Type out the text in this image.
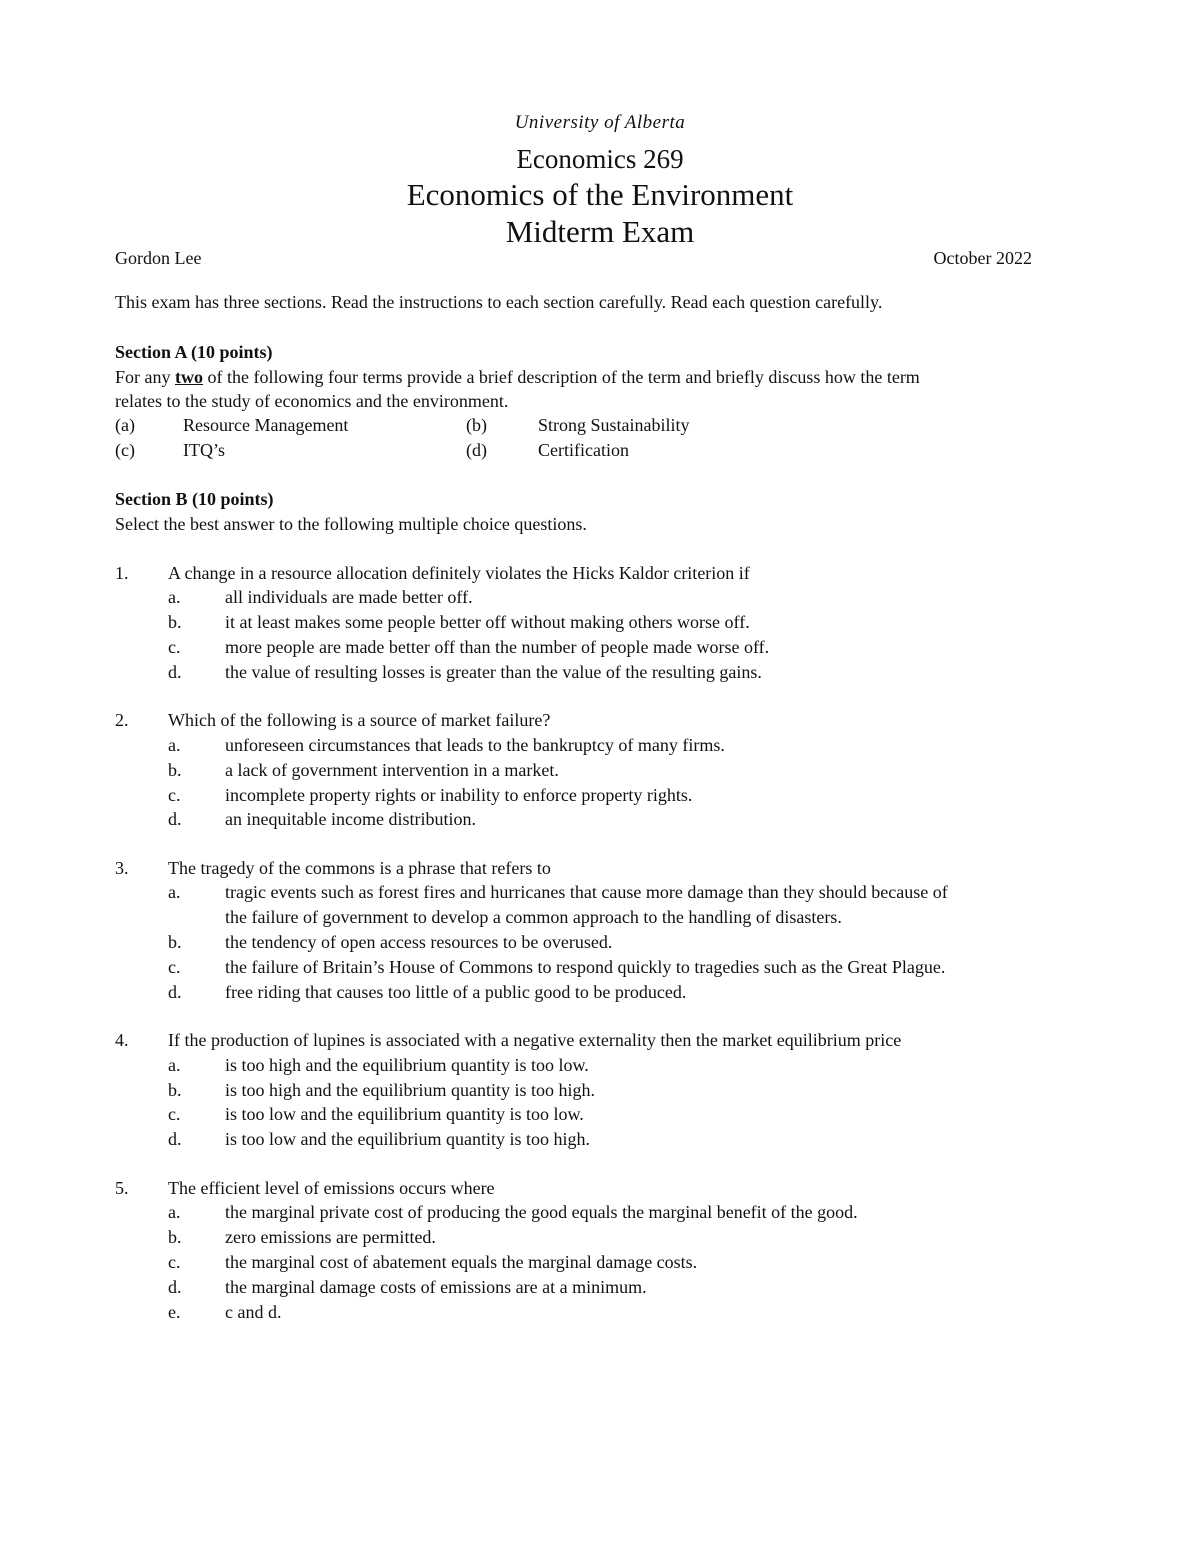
University of Alberta
Economics 269
Economics of the Environment
Midterm Exam
Gordon Lee	October 2022
This exam has three sections. Read the instructions to each section carefully. Read each question carefully.
Section A (10 points)
For any two of the following four terms provide a brief description of the term and briefly discuss how the term
relates to the study of economics and the environment.
(a)	Resource Management	(b)	Strong Sustainability
(c)	ITQ’s	(d)	Certification
Section B (10 points)
Select the best answer to the following multiple choice questions.
1. A change in a resource allocation definitely violates the Hicks Kaldor criterion if
a. all individuals are made better off.
b. it at least makes some people better off without making others worse off.
c. more people are made better off than the number of people made worse off.
d. the value of resulting losses is greater than the value of the resulting gains.
2. Which of the following is a source of market failure?
a. unforeseen circumstances that leads to the bankruptcy of many firms.
b. a lack of government intervention in a market.
c. incomplete property rights or inability to enforce property rights.
d. an inequitable income distribution.
3. The tragedy of the commons is a phrase that refers to
a. tragic events such as forest fires and hurricanes that cause more damage than they should because of
the failure of government to develop a common approach to the handling of disasters.
b. the tendency of open access resources to be overused.
c. the failure of Britain’s House of Commons to respond quickly to tragedies such as the Great Plague.
d. free riding that causes too little of a public good to be produced.
4. If the production of lupines is associated with a negative externality then the market equilibrium price
a. is too high and the equilibrium quantity is too low.
b. is too high and the equilibrium quantity is too high.
c. is too low and the equilibrium quantity is too low.
d. is too low and the equilibrium quantity is too high.
5. The efficient level of emissions occurs where
a. the marginal private cost of producing the good equals the marginal benefit of the good.
b. zero emissions are permitted.
c. the marginal cost of abatement equals the marginal damage costs.
d. the marginal damage costs of emissions are at a minimum.
e. c and d.
